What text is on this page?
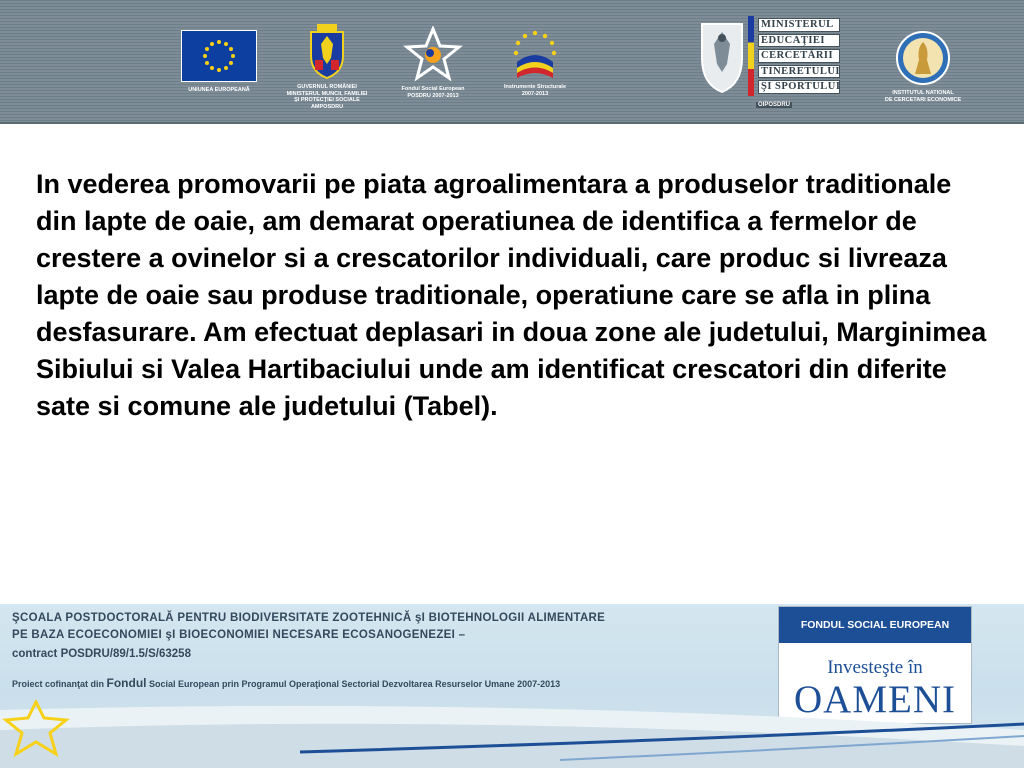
UNIUNEA EUROPEANĂ	GUVERNUL ROMÂNIEI
MINISTERUL MUNCII, FAMILIEI
ŞI PROTECŢIEI SOCIALE
AMPOSDRU
Fondul Social European
POSDRU 2007-2013
Instrumente Structurale
2007-2013
MINISTERUL
EDUCAŢIEI
CERCETĂRII
TINERETULUI
ŞI SPORTULUI
OIPOSDRU
INSTITUTUL NATIONAL
DE CERCETARI ECONOMICE

In vederea promovarii pe piata agroalimentara a produselor traditionale din lapte de oaie, am demarat operatiunea de identifica a fermelor de crestere a ovinelor si a crescatorilor individuali, care produc si livreaza lapte de oaie sau produse traditionale, operatiune care se afla in plina desfasurare. Am efectuat deplasari in doua zone ale judetului, Marginimea Sibiului si Valea Hartibaciului unde am identificat crescatori din diferite sate si comune ale judetului (Tabel).

ŞCOALA POSTDOCTORALĂ PENTRU BIODIVERSITATE ZOOTEHNICĂ şI BIOTEHNOLOGII ALIMENTARE

PE BAZA ECOECONOMIEI şI BIOECONOMIEI NECESARE ECOSANOGENEZEI –

contract POSDRU/89/1.5/S/63258

Proiect cofinanţat din Fondul Social European prin Programul Operaţional Sectorial Dezvoltarea Resurselor Umane 2007-2013

FONDUL SOCIAL EUROPEAN
Investeşte în
OAMENI
